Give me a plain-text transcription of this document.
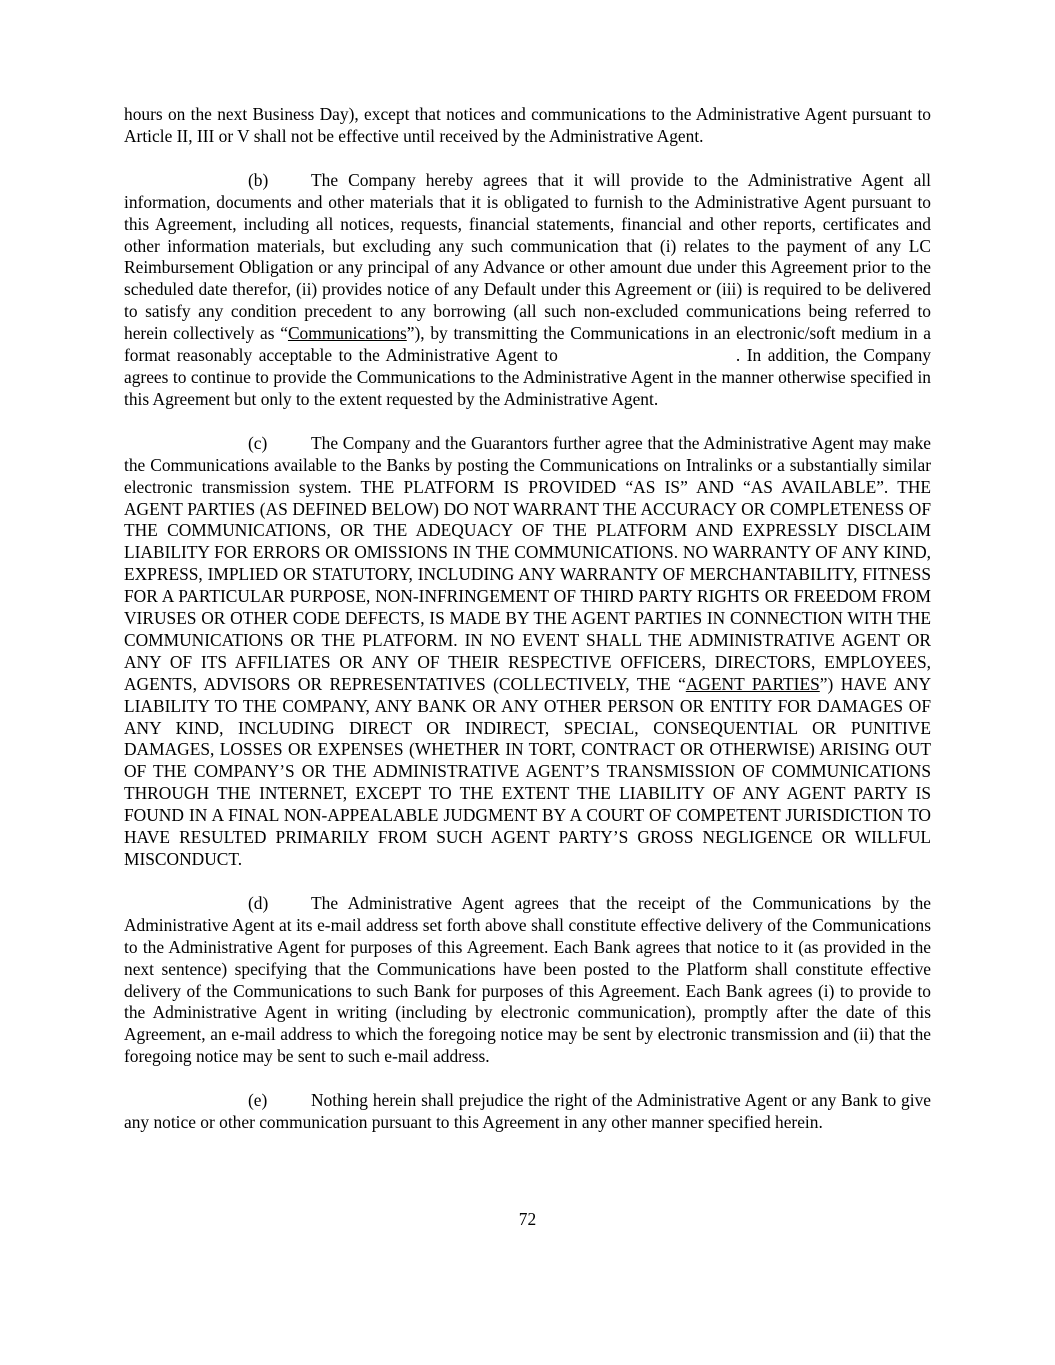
hours on the next Business Day), except that notices and communications to the Administrative Agent pursuant to Article II, III or V shall not be effective until received by the Administrative Agent.

(b) The Company hereby agrees that it will provide to the Administrative Agent all information, documents and other materials that it is obligated to furnish to the Administrative Agent pursuant to this Agreement, including all notices, requests, financial statements, financial and other reports, certificates and other information materials, but excluding any such communication that (i) relates to the payment of any LC Reimbursement Obligation or any principal of any Advance or other amount due under this Agreement prior to the scheduled date therefor, (ii) provides notice of any Default under this Agreement or (iii) is required to be delivered to satisfy any condition precedent to any borrowing (all such non-excluded communications being referred to herein collectively as “Communications”), by transmitting the Communications in an electronic/soft medium in a format reasonably acceptable to the Administrative Agent to	. In addition, the Company agrees to continue to provide the Communications to the Administrative Agent in the manner otherwise specified in this Agreement but only to the extent requested by the Administrative Agent.

(c)	The Company and the Guarantors further agree that the Administrative Agent may make the Communications available to the Banks by posting the Communications on Intralinks or a substantially similar electronic transmission system. THE PLATFORM IS PROVIDED “AS IS” AND “AS AVAILABLE”. THE AGENT PARTIES (AS DEFINED BELOW) DO NOT WARRANT THE ACCURACY OR COMPLETENESS OF THE COMMUNICATIONS, OR THE ADEQUACY OF THE PLATFORM AND EXPRESSLY DISCLAIM LIABILITY FOR ERRORS OR OMISSIONS IN THE COMMUNICATIONS. NO WARRANTY OF ANY KIND, EXPRESS, IMPLIED OR STATUTORY, INCLUDING ANY WARRANTY OF MERCHANTABILITY, FITNESS FOR A PARTICULAR PURPOSE, NON-INFRINGEMENT OF THIRD PARTY RIGHTS OR FREEDOM FROM VIRUSES OR OTHER CODE DEFECTS, IS MADE BY THE AGENT PARTIES IN CONNECTION WITH THE COMMUNICATIONS OR THE PLATFORM. IN NO EVENT SHALL THE ADMINISTRATIVE AGENT OR ANY OF ITS AFFILIATES OR ANY OF THEIR RESPECTIVE OFFICERS, DIRECTORS, EMPLOYEES, AGENTS, ADVISORS OR REPRESENTATIVES (COLLECTIVELY, THE “AGENT PARTIES”) HAVE ANY LIABILITY TO THE COMPANY, ANY BANK OR ANY OTHER PERSON OR ENTITY FOR DAMAGES OF ANY KIND, INCLUDING DIRECT OR INDIRECT, SPECIAL, CONSEQUENTIAL OR PUNITIVE DAMAGES, LOSSES OR EXPENSES (WHETHER IN TORT, CONTRACT OR OTHERWISE) ARISING OUT OF THE COMPANY’S OR THE ADMINISTRATIVE AGENT’S TRANSMISSION OF COMMUNICATIONS THROUGH THE INTERNET, EXCEPT TO THE EXTENT THE LIABILITY OF ANY AGENT PARTY IS FOUND IN A FINAL NON-APPEALABLE JUDGMENT BY A COURT OF COMPETENT JURISDICTION TO HAVE RESULTED PRIMARILY FROM SUCH AGENT PARTY’S GROSS NEGLIGENCE OR WILLFUL MISCONDUCT.

(d) The Administrative Agent agrees that the receipt of the Communications by the Administrative Agent at its e-mail address set forth above shall constitute effective delivery of the Communications to the Administrative Agent for purposes of this Agreement. Each Bank agrees that notice to it (as provided in the next sentence) specifying that the Communications have been posted to the Platform shall constitute effective delivery of the Communications to such Bank for purposes of this Agreement. Each Bank agrees (i) to provide to the Administrative Agent in writing (including by electronic communication), promptly after the date of this Agreement, an e-mail address to which the foregoing notice may be sent by electronic transmission and (ii) that the foregoing notice may be sent to such e-mail address.

(e)	Nothing herein shall prejudice the right of the Administrative Agent or any Bank to give any notice or other communication pursuant to this Agreement in any other manner specified herein.

72
